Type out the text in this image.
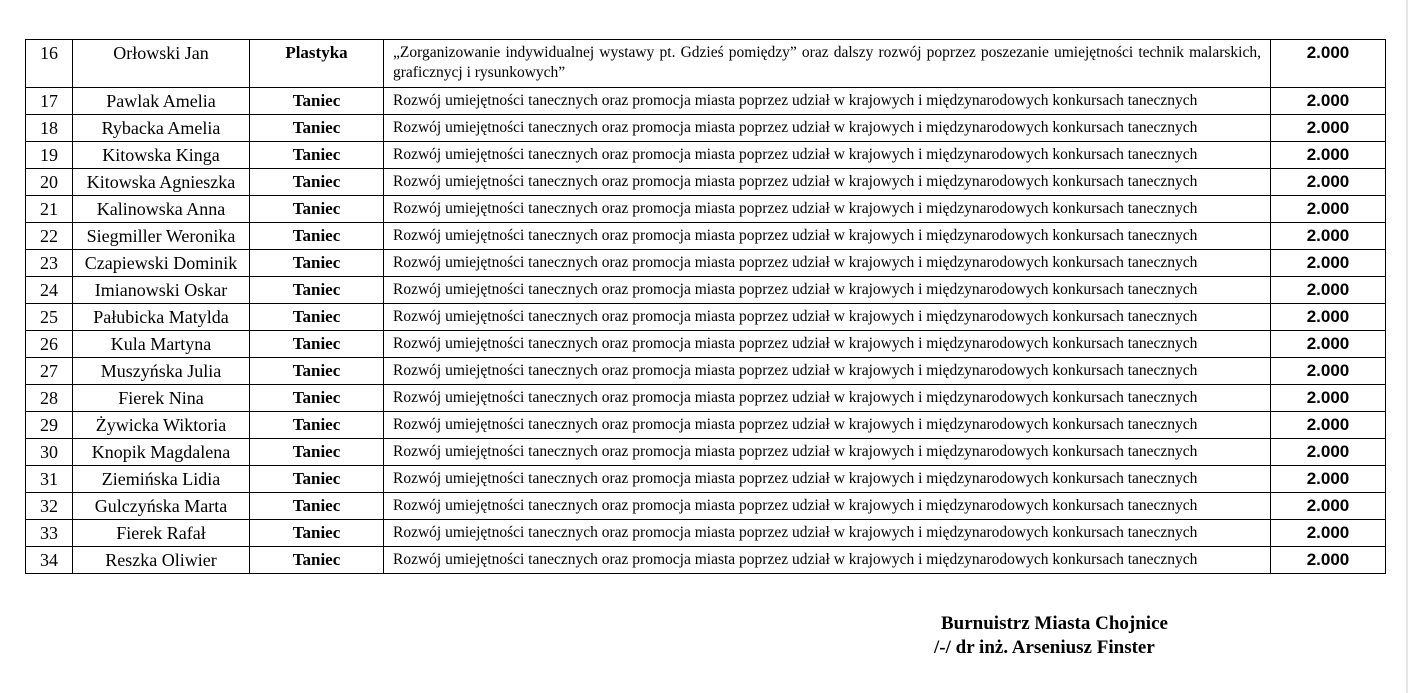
16	Orłowski Jan	Plastyka	„Zorganizowanie indywidualnej wystawy pt. Gdzieś pomiędzy” oraz dalszy rozwój poprzez poszezanie umiejętności technik malarskich, graficznycj i rysunkowych”	2.000
17	Pawlak Amelia	Taniec	Rozwój umiejętności tanecznych oraz promocja miasta poprzez udział w krajowych i międzynarodowych konkursach tanecznych	2.000
18	Rybacka Amelia	Taniec	Rozwój umiejętności tanecznych oraz promocja miasta poprzez udział w krajowych i międzynarodowych konkursach tanecznych	2.000
19	Kitowska Kinga	Taniec	Rozwój umiejętności tanecznych oraz promocja miasta poprzez udział w krajowych i międzynarodowych konkursach tanecznych	2.000
20	Kitowska Agnieszka	Taniec	Rozwój umiejętności tanecznych oraz promocja miasta poprzez udział w krajowych i międzynarodowych konkursach tanecznych	2.000
21	Kalinowska Anna	Taniec	Rozwój umiejętności tanecznych oraz promocja miasta poprzez udział w krajowych i międzynarodowych konkursach tanecznych	2.000
22	Siegmiller Weronika	Taniec	Rozwój umiejętności tanecznych oraz promocja miasta poprzez udział w krajowych i międzynarodowych konkursach tanecznych	2.000
23	Czapiewski Dominik	Taniec	Rozwój umiejętności tanecznych oraz promocja miasta poprzez udział w krajowych i międzynarodowych konkursach tanecznych	2.000
24	Imianowski Oskar	Taniec	Rozwój umiejętności tanecznych oraz promocja miasta poprzez udział w krajowych i międzynarodowych konkursach tanecznych	2.000
25	Pałubicka Matylda	Taniec	Rozwój umiejętności tanecznych oraz promocja miasta poprzez udział w krajowych i międzynarodowych konkursach tanecznych	2.000
26	Kula Martyna	Taniec	Rozwój umiejętności tanecznych oraz promocja miasta poprzez udział w krajowych i międzynarodowych konkursach tanecznych	2.000
27	Muszyńska Julia	Taniec	Rozwój umiejętności tanecznych oraz promocja miasta poprzez udział w krajowych i międzynarodowych konkursach tanecznych	2.000
28	Fierek Nina	Taniec	Rozwój umiejętności tanecznych oraz promocja miasta poprzez udział w krajowych i międzynarodowych konkursach tanecznych	2.000
29	Żywicka Wiktoria	Taniec	Rozwój umiejętności tanecznych oraz promocja miasta poprzez udział w krajowych i międzynarodowych konkursach tanecznych	2.000
30	Knopik Magdalena	Taniec	Rozwój umiejętności tanecznych oraz promocja miasta poprzez udział w krajowych i międzynarodowych konkursach tanecznych	2.000
31	Ziemińska Lidia	Taniec	Rozwój umiejętności tanecznych oraz promocja miasta poprzez udział w krajowych i międzynarodowych konkursach tanecznych	2.000
32	Gulczyńska Marta	Taniec	Rozwój umiejętności tanecznych oraz promocja miasta poprzez udział w krajowych i międzynarodowych konkursach tanecznych	2.000
33	Fierek Rafał	Taniec	Rozwój umiejętności tanecznych oraz promocja miasta poprzez udział w krajowych i międzynarodowych konkursach tanecznych	2.000
34	Reszka Oliwier	Taniec	Rozwój umiejętności tanecznych oraz promocja miasta poprzez udział w krajowych i międzynarodowych konkursach tanecznych	2.000
Burnuistrz Miasta Chojnice
/-/ dr inż. Arseniusz Finster
